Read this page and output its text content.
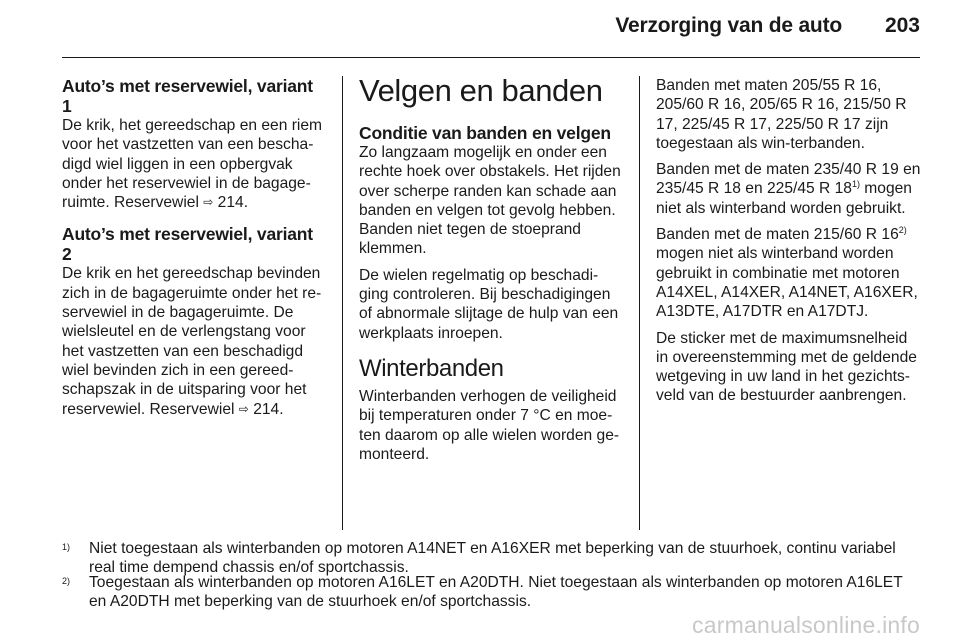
Verzorging van de auto 203
Auto’s met reservewiel, variant 1

De krik, het gereedschap en een riem voor het vastzetten van een bescha-digd wiel liggen in een opbergvak onder het reservewiel in de bagage-ruimte. Reservewiel ⇨ 214.

Auto’s met reservewiel, variant 2

De krik en het gereedschap bevinden zich in de bagageruimte onder het re-servewiel in de bagageruimte. De wielsleutel en de verlengstang voor het vastzetten van een beschadigd wiel bevinden zich in een gereed-schapszak in de uitsparing voor het reservewiel. Reservewiel ⇨ 214.

Velgen en banden
Conditie van banden en velgen

Zo langzaam mogelijk en onder een rechte hoek over obstakels. Het rijden over scherpe randen kan schade aan banden en velgen tot gevolg hebben. Banden niet tegen de stoeprand klemmen.

De wielen regelmatig op beschadi-ging controleren. Bij beschadigingen of abnormale slijtage de hulp van een werkplaats inroepen.

Winterbanden

Winterbanden verhogen de veiligheid bij temperaturen onder 7 °C en moe-ten daarom op alle wielen worden ge-monteerd.

Banden met maten 205/55 R 16, 205/60 R 16, 205/65 R 16, 215/50 R 17, 225/45 R 17, 225/50 R 17 zijn toegestaan als win-terbanden.

Banden met de maten 235/40 R 19 en 235/45 R 18 en 225/45 R 18$^{1)}$ mogen niet als winterband worden gebruikt.

Banden met de maten 215/60 R 16$^{2)}$ mogen niet als winterband worden gebruikt in combinatie met motoren A14XEL, A14XER, A14NET, A16XER, A13DTE, A17DTR en A17DTJ.

De sticker met de maximumsnelheid in overeenstemming met de geldende wetgeving in uw land in het gezichts-veld van de bestuurder aanbrengen.

1) Niet toegestaan als winterbanden op motoren A14NET en A16XER met beperking van de stuurhoek, continu variabel real time dempend chassis en/of sportchassis.
2) Toegestaan als winterbanden op motoren A16LET en A20DTH. Niet toegestaan als winterbanden op motoren A16LET en A20DTH met beperking van de stuurhoek en/of sportchassis.
carmanualsonline.info
